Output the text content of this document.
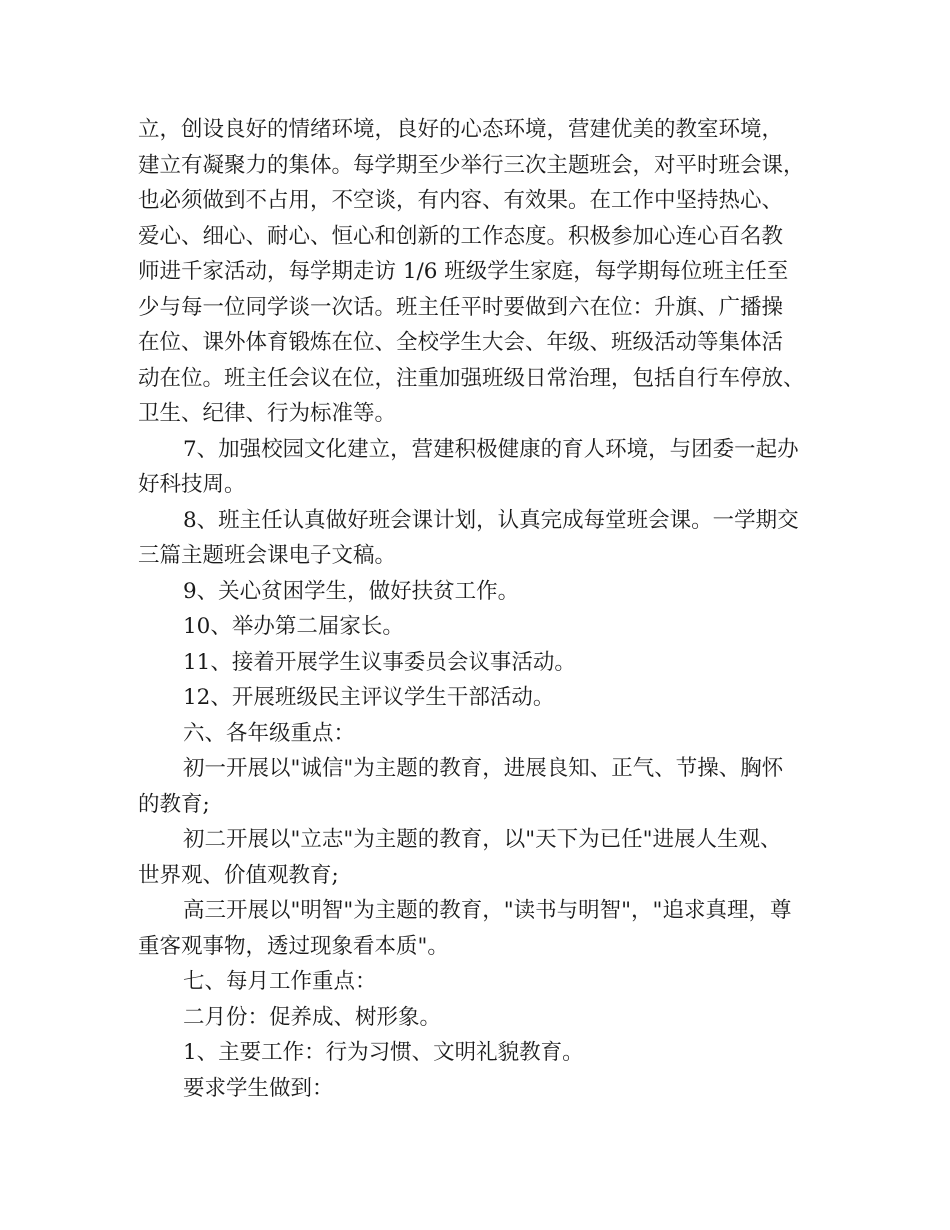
立，创设良好的情绪环境，良好的心态环境，营建优美的教室环境，
建立有凝聚力的集体。每学期至少举行三次主题班会，对平时班会课，
也必须做到不占用，不空谈，有内容、有效果。在工作中坚持热心、
爱心、细心、耐心、恒心和创新的工作态度。积极参加心连心百名教
师进千家活动，每学期走访 1/6 班级学生家庭，每学期每位班主任至
少与每一位同学谈一次话。班主任平时要做到六在位：升旗、广播操
在位、课外体育锻炼在位、全校学生大会、年级、班级活动等集体活
动在位。班主任会议在位，注重加强班级日常治理，包括自行车停放、
卫生、纪律、行为标准等。

7、加强校园文化建立，营建积极健康的育人环境，与团委一起办
好科技周。

8、班主任认真做好班会课计划，认真完成每堂班会课。一学期交
三篇主题班会课电子文稿。

9、关心贫困学生，做好扶贫工作。

10、举办第二届家长。

11、接着开展学生议事委员会议事活动。

12、开展班级民主评议学生干部活动。

六、各年级重点：

初一开展以"诚信"为主题的教育，进展良知、正气、节操、胸怀
的教育;

初二开展以"立志"为主题的教育，以"天下为已任"进展人生观、
世界观、价值观教育;

高三开展以"明智"为主题的教育，"读书与明智"，"追求真理，尊
重客观事物，透过现象看本质"。

七、每月工作重点：

二月份：促养成、树形象。

1、主要工作：行为习惯、文明礼貌教育。

要求学生做到：
